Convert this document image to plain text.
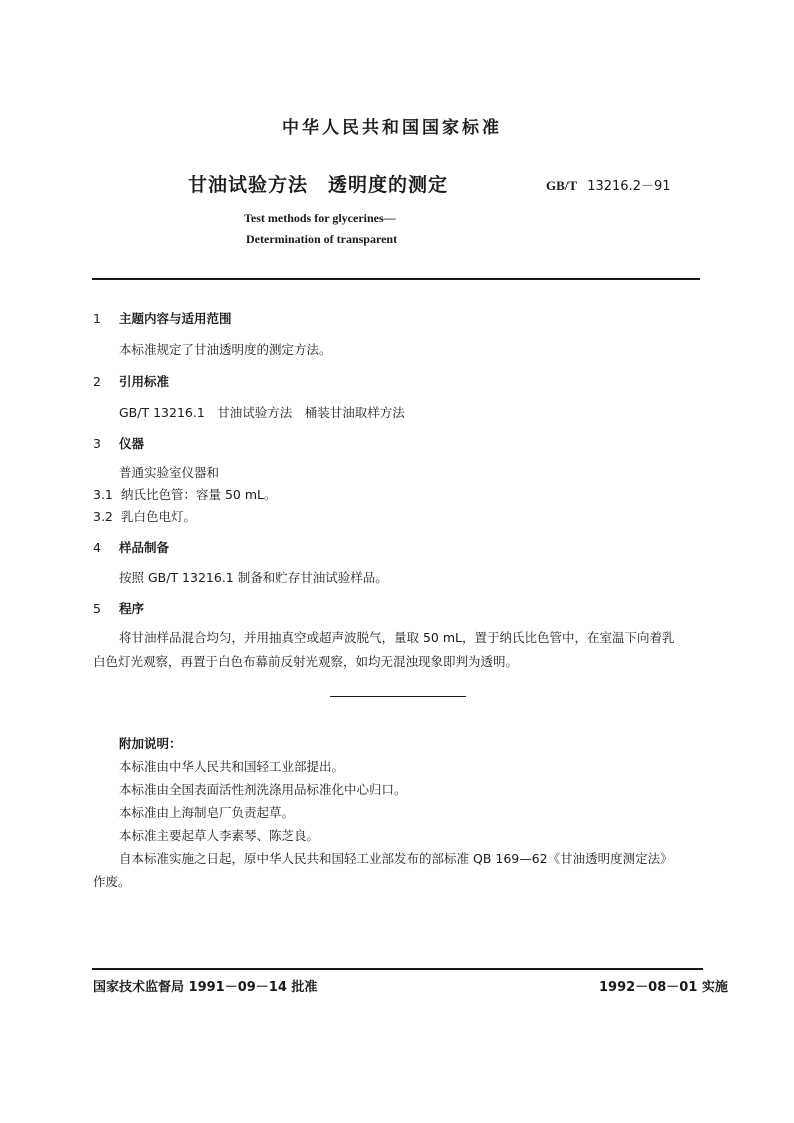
中华人民共和国国家标准
甘油试验方法　透明度的测定	GB/T 13216.2－91
Test methods for glycerines—
Determination of transparent
1 主题内容与适用范围
本标准规定了甘油透明度的测定方法。
2 引用标准
GB/T 13216.1　甘油试验方法　桶装甘油取样方法
3 仪器
普通实验室仪器和
3.1 纳氏比色管：容量 50 mL。
3.2 乳白色电灯。
4 样品制备
按照 GB/T 13216.1 制备和贮存甘油试验样品。
5 程序
将甘油样品混合均匀，并用抽真空或超声波脱气，量取 50 mL，置于纳氏比色管中，在室温下向着乳
白色灯光观察，再置于白色布幕前反射光观察，如均无混浊现象即判为透明。
附加说明：
本标准由中华人民共和国轻工业部提出。
本标准由全国表面活性剂洗涤用品标准化中心归口。
本标准由上海制皂厂负责起草。
本标准主要起草人李素琴、陈芝良。
自本标准实施之日起，原中华人民共和国轻工业部发布的部标准 QB 169—62《甘油透明度测定法》
作废。
国家技术监督局 1991－09－14 批准	1992－08－01 实施
